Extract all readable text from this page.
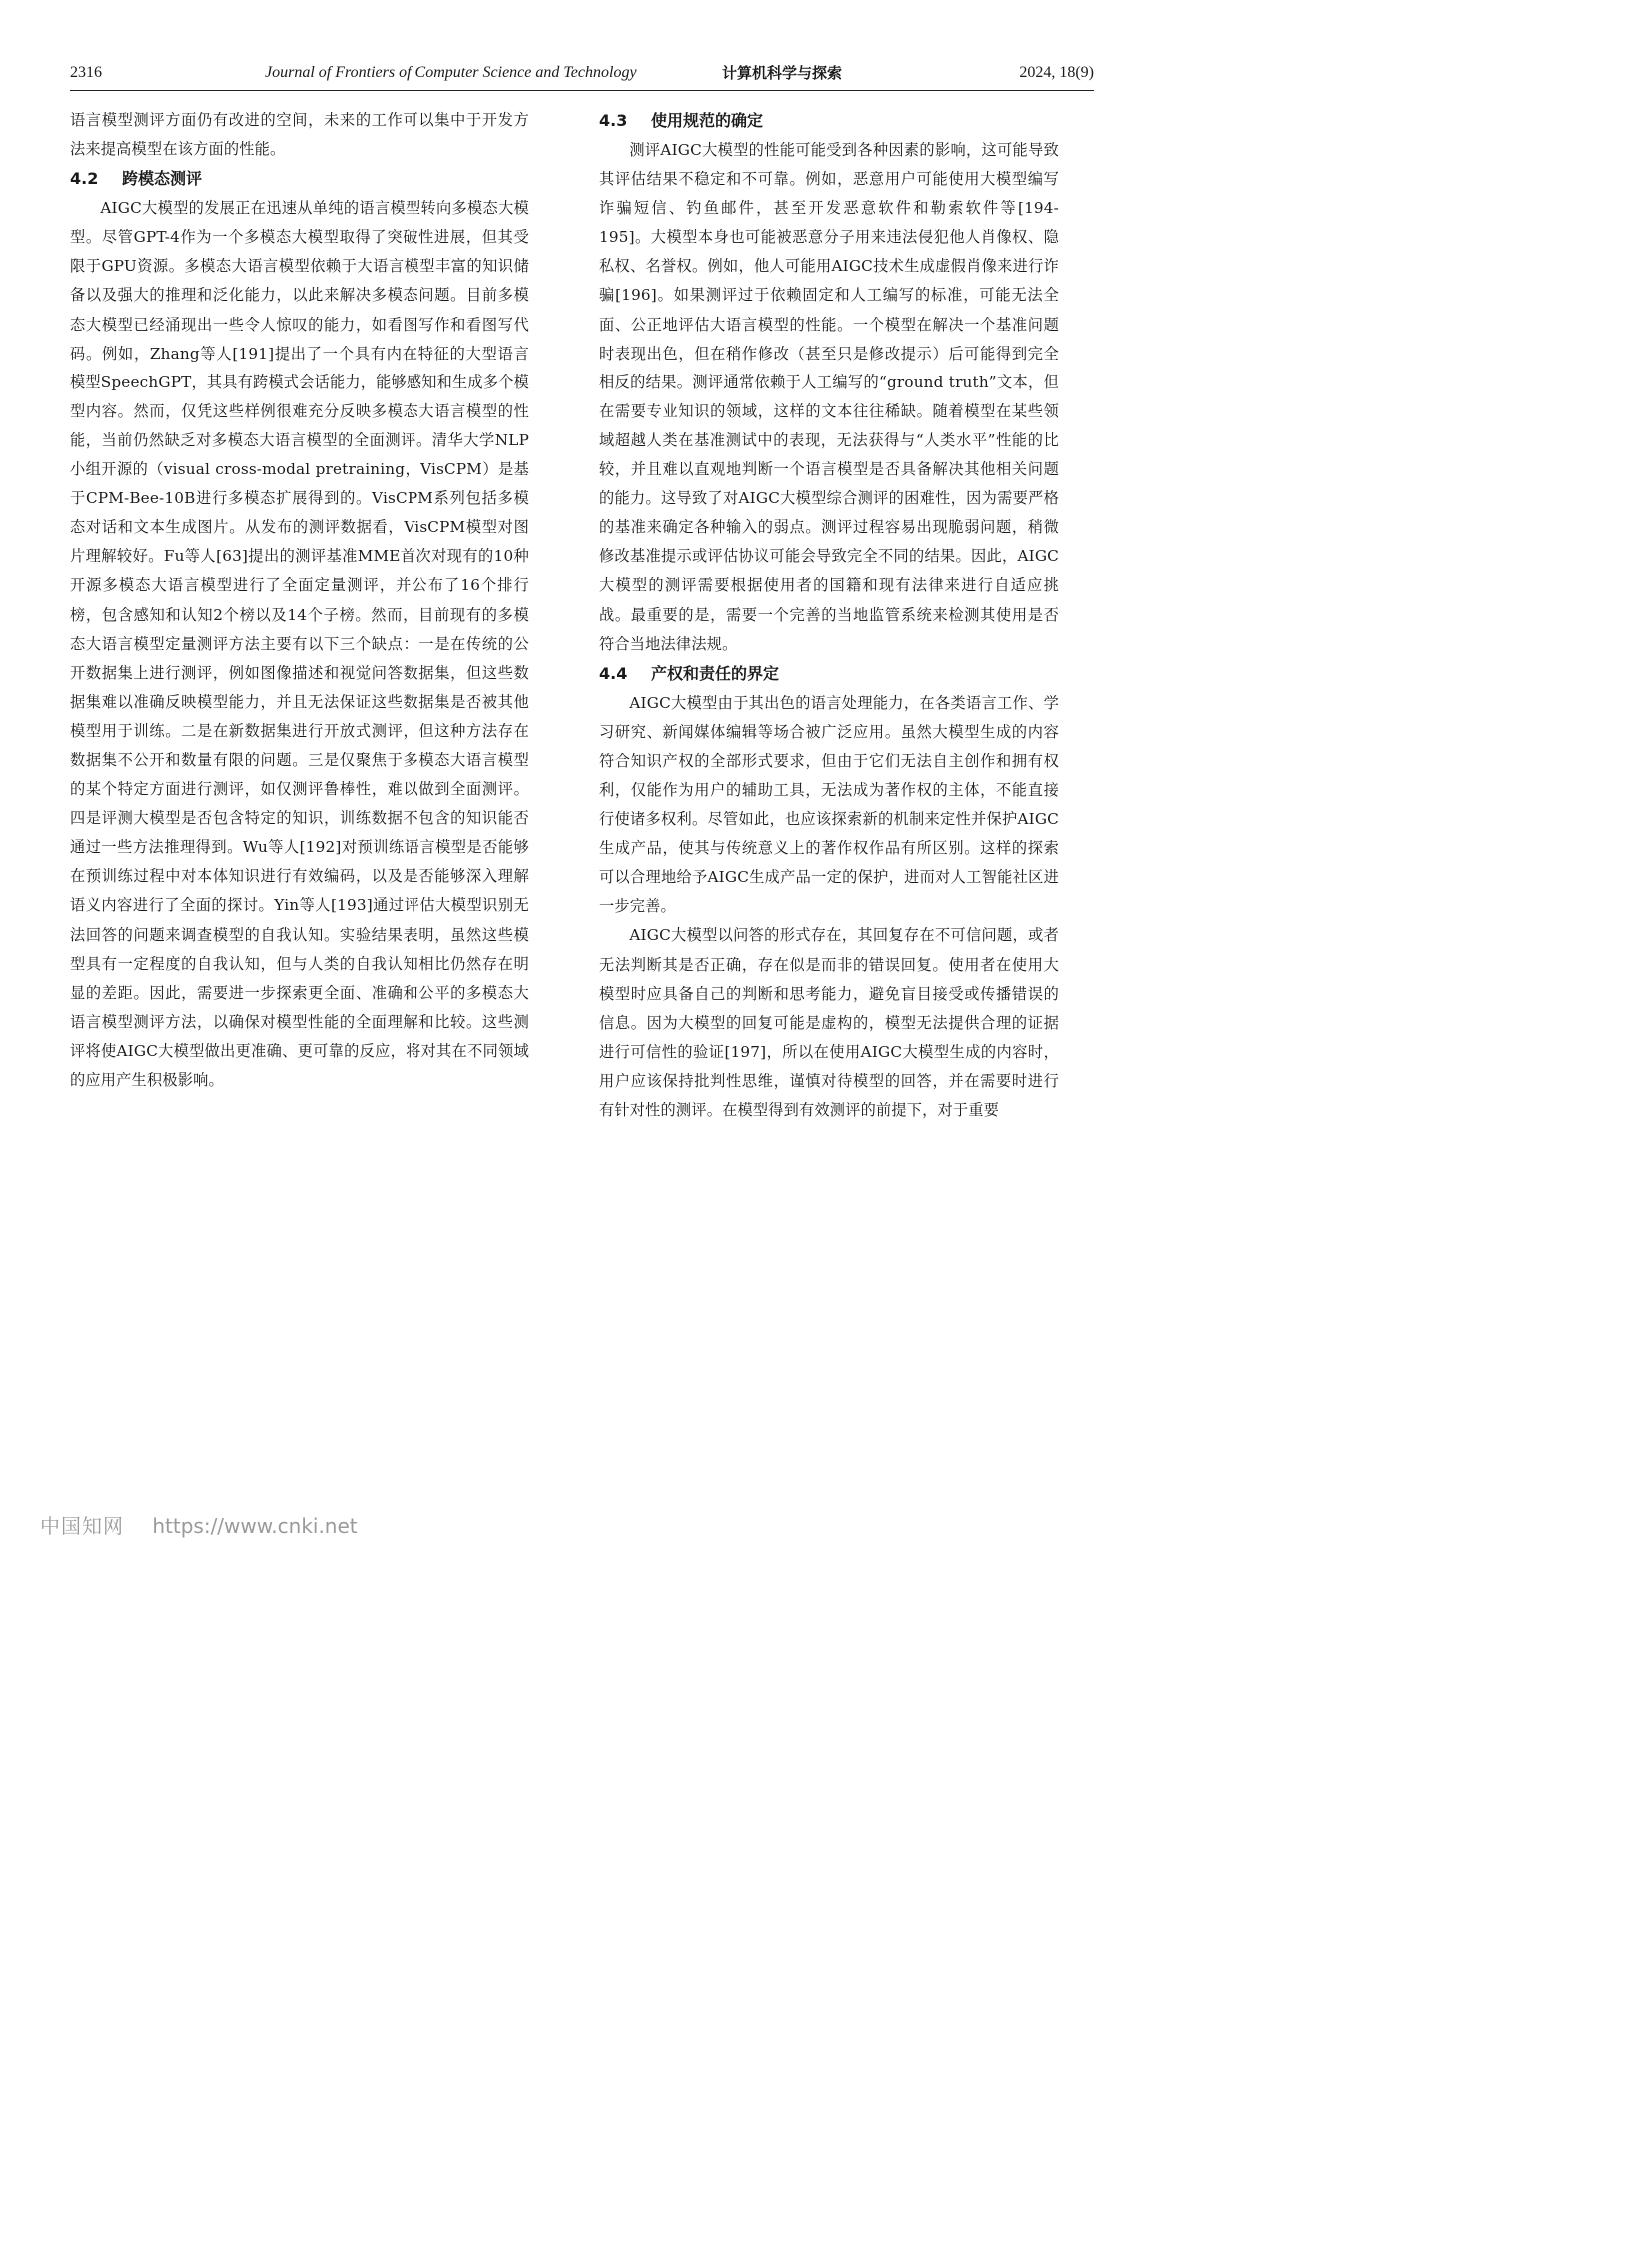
2316	Journal of Frontiers of Computer Science and Technology	计算机科学与探索	2024, 18(9)

语言模型测评方面仍有改进的空间，未来的工作可以集中于开发方法来提高模型在该方面的性能。

4.2 跨模态测评

AIGC大模型的发展正在迅速从单纯的语言模型转向多模态大模型。尽管GPT-4作为一个多模态大模型取得了突破性进展，但其受限于GPU资源。多模态大语言模型依赖于大语言模型丰富的知识储备以及强大的推理和泛化能力，以此来解决多模态问题。目前多模态大模型已经涌现出一些令人惊叹的能力，如看图写作和看图写代码。例如，Zhang等人[191]提出了一个具有内在特征的大型语言模型SpeechGPT，其具有跨模式会话能力，能够感知和生成多个模型内容。然而，仅凭这些样例很难充分反映多模态大语言模型的性能，当前仍然缺乏对多模态大语言模型的全面测评。清华大学NLP小组开源的（visual cross-modal pretraining，VisCPM）是基于CPM-Bee-10B进行多模态扩展得到的。VisCPM系列包括多模态对话和文本生成图片。从发布的测评数据看，VisCPM模型对图片理解较好。Fu等人[63]提出的测评基准MME首次对现有的10种开源多模态大语言模型进行了全面定量测评，并公布了16个排行榜，包含感知和认知2个榜以及14个子榜。然而，目前现有的多模态大语言模型定量测评方法主要有以下三个缺点：一是在传统的公开数据集上进行测评，例如图像描述和视觉问答数据集，但这些数据集难以准确反映模型能力，并且无法保证这些数据集是否被其他模型用于训练。二是在新数据集进行开放式测评，但这种方法存在数据集不公开和数量有限的问题。三是仅聚焦于多模态大语言模型的某个特定方面进行测评，如仅测评鲁棒性，难以做到全面测评。四是评测大模型是否包含特定的知识，训练数据不包含的知识能否通过一些方法推理得到。Wu等人[192]对预训练语言模型是否能够在预训练过程中对本体知识进行有效编码，以及是否能够深入理解语义内容进行了全面的探讨。Yin等人[193]通过评估大模型识别无法回答的问题来调查模型的自我认知。实验结果表明，虽然这些模型具有一定程度的自我认知，但与人类的自我认知相比仍然存在明显的差距。因此，需要进一步探索更全面、准确和公平的多模态大语言模型测评方法，以确保对模型性能的全面理解和比较。这些测评将使AIGC大模型做出更准确、更可靠的反应，将对其在不同领域的应用产生积极影响。

4.3 使用规范的确定

测评AIGC大模型的性能可能受到各种因素的影响，这可能导致其评估结果不稳定和不可靠。例如，恶意用户可能使用大模型编写诈骗短信、钓鱼邮件，甚至开发恶意软件和勒索软件等[194-195]。大模型本身也可能被恶意分子用来违法侵犯他人肖像权、隐私权、名誉权。例如，他人可能用AIGC技术生成虚假肖像来进行诈骗[196]。如果测评过于依赖固定和人工编写的标准，可能无法全面、公正地评估大语言模型的性能。一个模型在解决一个基准问题时表现出色，但在稍作修改（甚至只是修改提示）后可能得到完全相反的结果。测评通常依赖于人工编写的“ground truth”文本，但在需要专业知识的领域，这样的文本往往稀缺。随着模型在某些领域超越人类在基准测试中的表现，无法获得与“人类水平”性能的比较，并且难以直观地判断一个语言模型是否具备解决其他相关问题的能力。这导致了对AIGC大模型综合测评的困难性，因为需要严格的基准来确定各种输入的弱点。测评过程容易出现脆弱问题，稍微修改基准提示或评估协议可能会导致完全不同的结果。因此，AIGC大模型的测评需要根据使用者的国籍和现有法律来进行自适应挑战。最重要的是，需要一个完善的当地监管系统来检测其使用是否符合当地法律法规。

4.4 产权和责任的界定

AIGC大模型由于其出色的语言处理能力，在各类语言工作、学习研究、新闻媒体编辑等场合被广泛应用。虽然大模型生成的内容符合知识产权的全部形式要求，但由于它们无法自主创作和拥有权利，仅能作为用户的辅助工具，无法成为著作权的主体，不能直接行使诸多权利。尽管如此，也应该探索新的机制来定性并保护AIGC生成产品，使其与传统意义上的著作权作品有所区别。这样的探索可以合理地给予AIGC生成产品一定的保护，进而对人工智能社区进一步完善。

AIGC大模型以问答的形式存在，其回复存在不可信问题，或者无法判断其是否正确，存在似是而非的错误回复。使用者在使用大模型时应具备自己的判断和思考能力，避免盲目接受或传播错误的信息。因为大模型的回复可能是虚构的，模型无法提供合理的证据进行可信性的验证[197]，所以在使用AIGC大模型生成的内容时，用户应该保持批判性思维，谨慎对待模型的回答，并在需要时进行有针对性的测评。在模型得到有效测评的前提下，对于重要

中国知网 https://www.cnki.net
